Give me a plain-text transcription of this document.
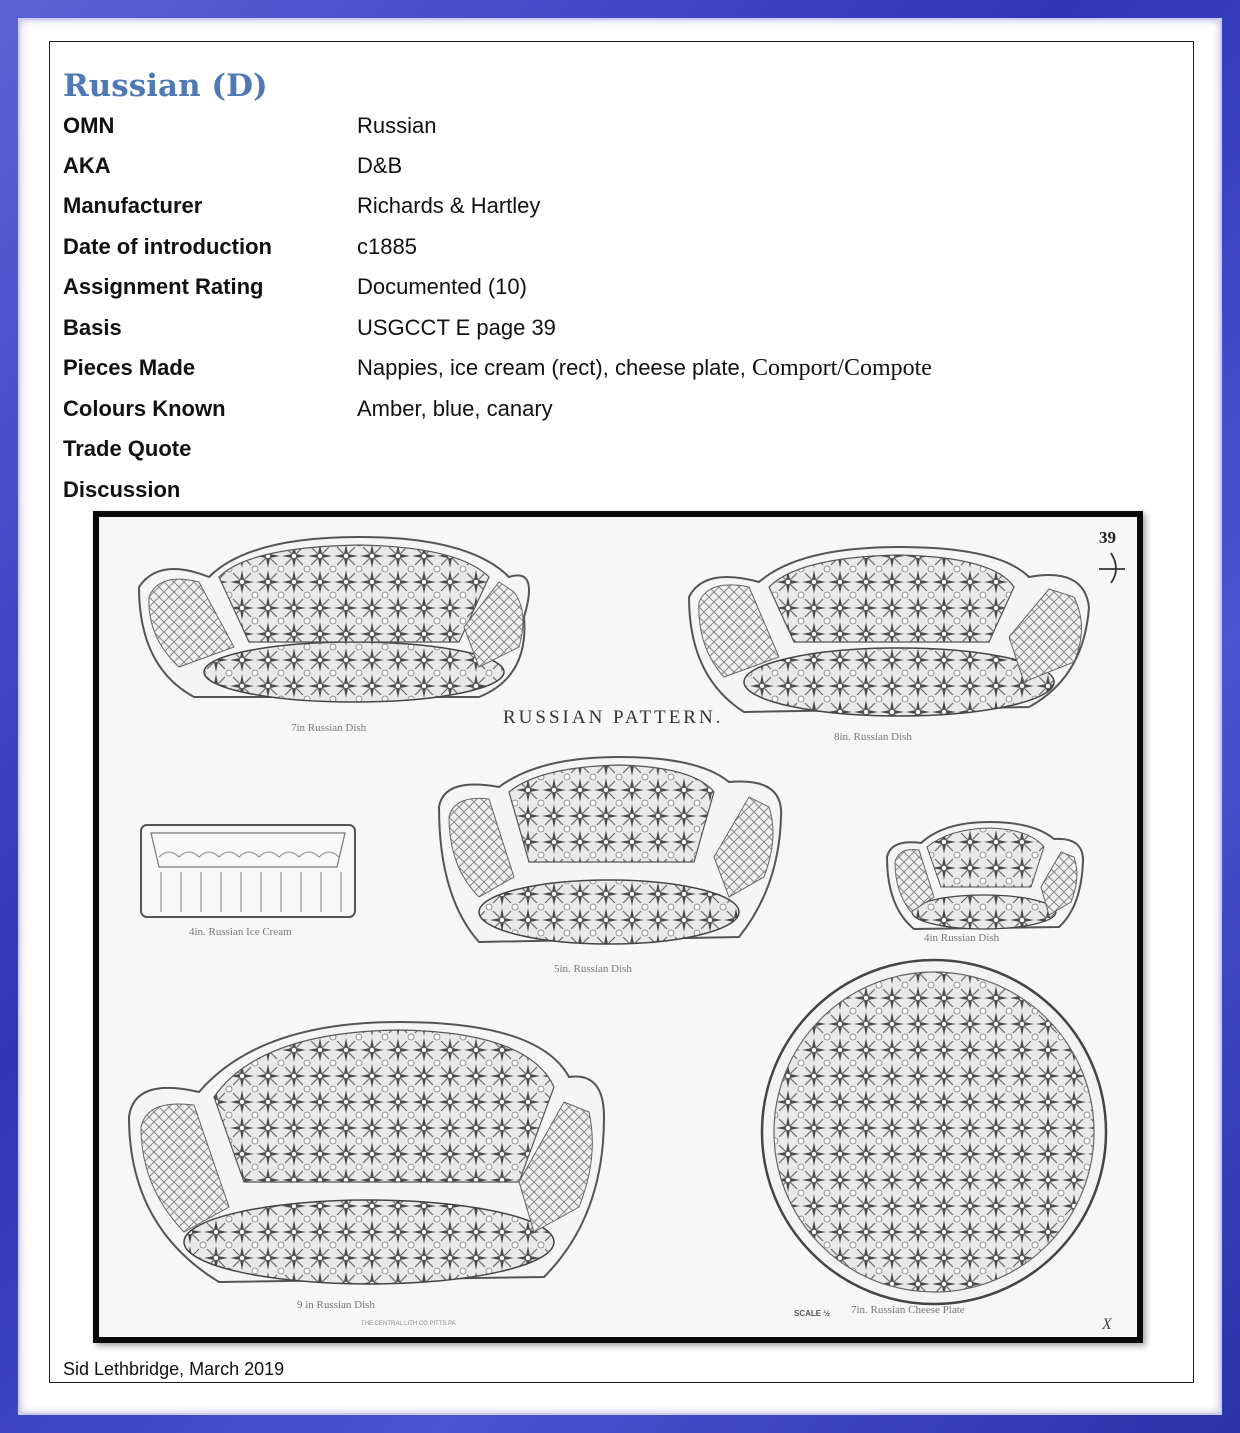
Russian (D)
OMN	Russian
AKA	D&B
Manufacturer	Richards & Hartley
Date of introduction	c1885
Assignment Rating	Documented (10)
Basis	USGCCT E page 39
Pieces Made	Nappies, ice cream (rect), cheese plate, Comport/Compote
Colours Known	Amber, blue, canary
Trade Quote
Discussion
39
7in Russian Dish
8in. Russian Dish
RUSSIAN PATTERN.
4in. Russian Ice Cream
5in. Russian Dish
4in Russian Dish
9 in Russian Dish
THE CENTRAL LITH CO PITTS PA
SCALE ½ 7in. Russian Cheese Plate
X
Sid Lethbridge, March 2019
